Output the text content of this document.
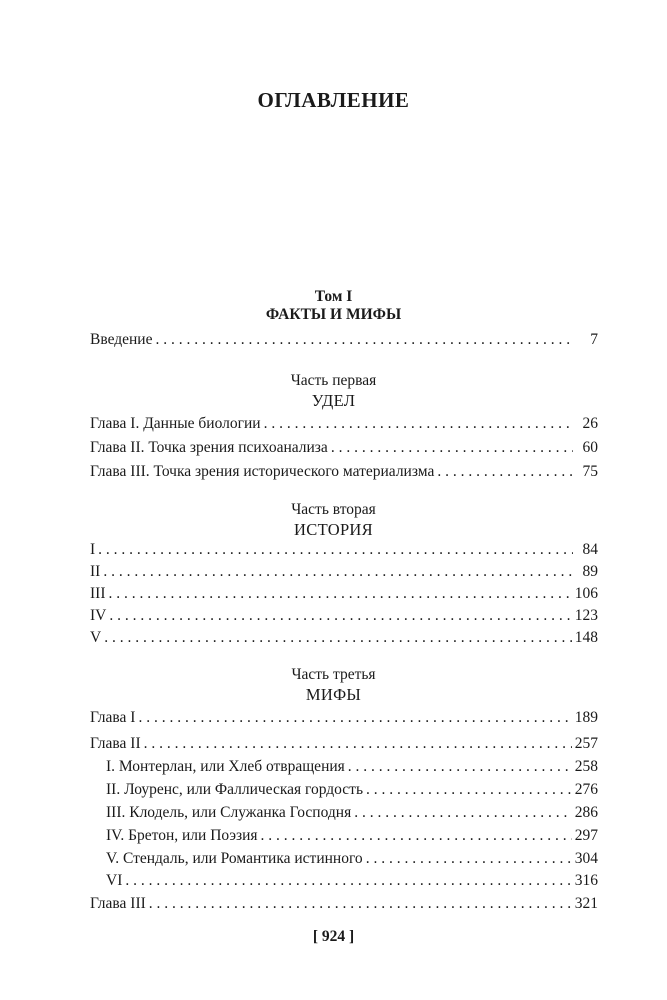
ОГЛАВЛЕНИЕ
Том I
ФАКТЫ И МИФЫ
Введение . . .	7
Часть первая
УДЕЛ
Глава I. Данные биологии . . .	26
Глава II. Точка зрения психоанализа . . .	60
Глава III. Точка зрения исторического материализма . . .	75
Часть вторая
ИСТОРИЯ
I . . .	84
II . . .	89
III . . .	106
IV . . .	123
V . . .	148
Часть третья
МИФЫ
Глава I . . .	189
Глава II . . .	257
I. Монтерлан, или Хлеб отвращения . . .	258
II. Лоуренс, или Фаллическая гордость . . .	276
III. Клодель, или Служанка Господня . . .	286
IV. Бретон, или Поэзия . . .	297
V. Стендаль, или Романтика истинного . . .	304
VI . . .	316
Глава III . . .	321
[ 924 ]
